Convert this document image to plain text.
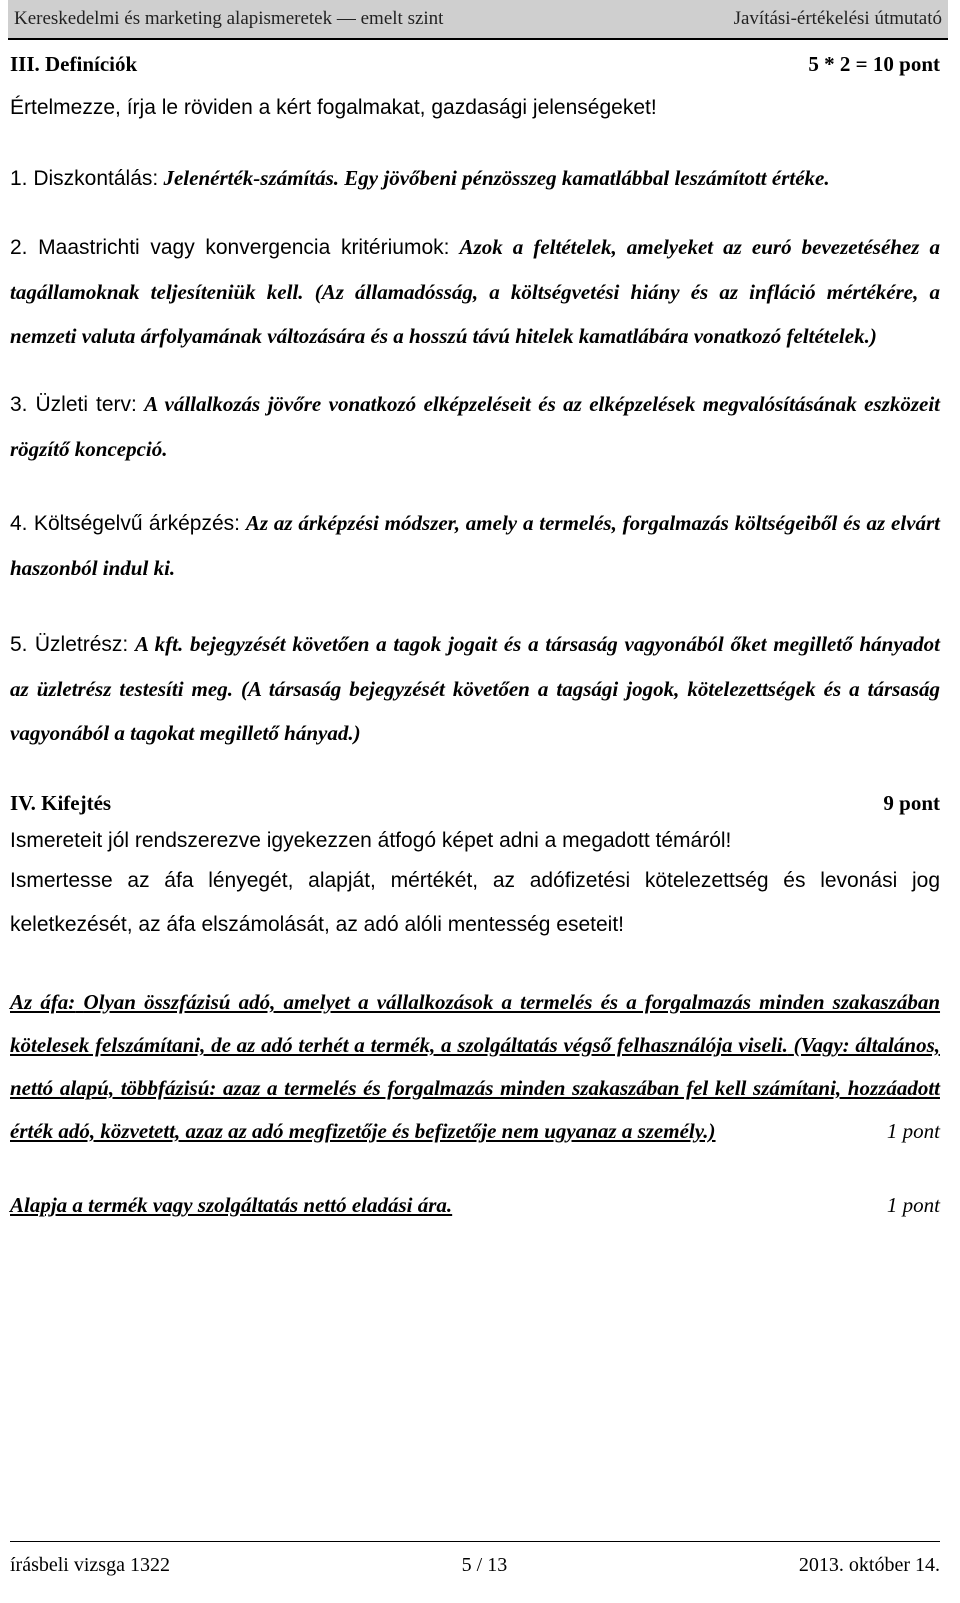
Kereskedelmi és marketing alapismeretek — emelt szint	Javítási-értékelési útmutató
III. Definíciók	5 * 2 = 10 pont

Értelmezze, írja le röviden a kért fogalmakat, gazdasági jelenségeket!

1. Diszkontálás: Jelenérték-számítás. Egy jövőbeni pénzösszeg kamatlábbal leszámított értéke.

2. Maastrichti vagy konvergencia kritériumok: Azok a feltételek, amelyeket az euró bevezetéséhez a tagállamoknak teljesíteniük kell. (Az államadósság, a költségvetési hiány és az infláció mértékére, a nemzeti valuta árfolyamának változására és a hosszú távú hitelek kamatlábára vonatkozó feltételek.)

3. Üzleti terv: A vállalkozás jövőre vonatkozó elképzeléseit és az elképzelések megvalósításának eszközeit rögzítő koncepció.

4. Költségelvű árképzés: Az az árképzési módszer, amely a termelés, forgalmazás költségeiből és az elvárt haszonból indul ki.

5. Üzletrész: A kft. bejegyzését követően a tagok jogait és a társaság vagyonából őket megillető hányadot az üzletrész testesíti meg. (A társaság bejegyzését követően a tagsági jogok, kötelezettségek és a társaság vagyonából a tagokat megillető hányad.)

IV. Kifejtés	9 pont

Ismereteit jól rendszerezve igyekezzen átfogó képet adni a megadott témáról!

Ismertesse az áfa lényegét, alapját, mértékét, az adófizetési kötelezettség és levonási jog keletkezését, az áfa elszámolását, az adó alóli mentesség eseteit!

Az áfa: Olyan összfázisú adó, amelyet a vállalkozások a termelés és a forgalmazás minden szakaszában kötelesek felszámítani, de az adó terhét a termék, a szolgáltatás végső felhasználója viseli. (Vagy: általános, nettó alapú, többfázisú: azaz a termelés és forgalmazás minden szakaszában fel kell számítani, hozzáadott érték adó, közvetett, azaz az adó megfizetője és befizetője nem ugyanaz a személy.)	1 pont
Alapja a termék vagy szolgáltatás nettó eladási ára.	1 pont
írásbeli vizsga 1322	5 / 13	2013. október 14.
